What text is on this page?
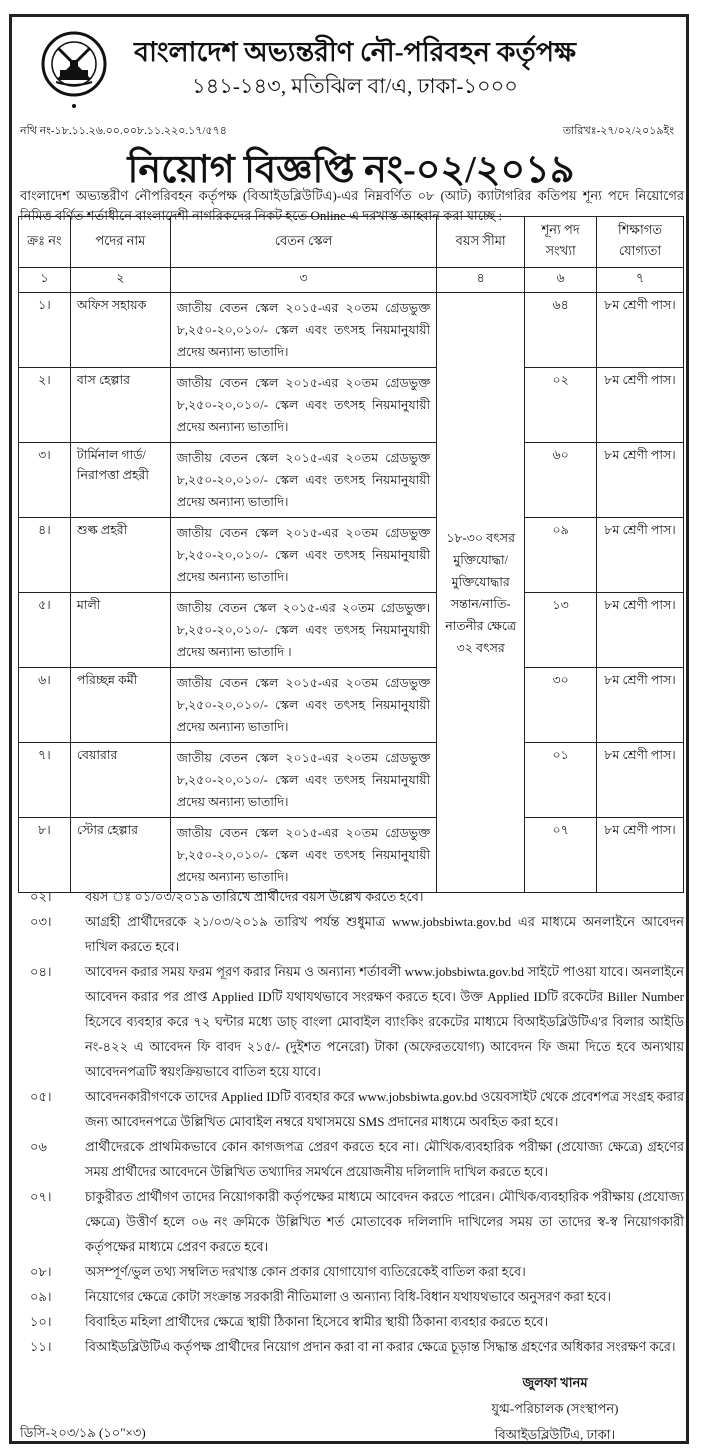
বাংলাদেশ অভ্যন্তরীণ নৌ-পরিবহন কর্তৃপক্ষ
১৪১-১৪৩, মতিঝিল বা/এ, ঢাকা-১০০০
নথি নং-১৮.১১.২৬.০০.০০৮.১১.২২০.১৭/৫৭৪	তারিখঃ-২৭/০২/২০১৯ইং
নিয়োগ বিজ্ঞপ্তি নং-০২/২০১৯
বাংলাদেশ অভ্যন্তরীণ নৌপরিবহন কর্তৃপক্ষ (বিআইডব্লিউটিএ)-এর নিম্নবর্ণিত ০৮ (আট) ক্যাটাগরির কতিপয় শূন্য পদে নিয়োগের নিমিত্ত বর্ণিত শর্তাধীনে বাংলাদেশী নাগরিকদের নিকট হতে Online এ দরখাস্ত আহ্বান করা যাচ্ছে :
ক্রঃ নং	পদের নাম	বেতন স্কেল	বয়স সীমা	শূন্য পদ সংখ্যা	শিক্ষাগত যোগ্যতা
১	২	৩	৪	৬	৭
১।	অফিস সহায়ক	জাতীয় বেতন স্কেল ২০১৫-এর ২০তম গ্রেডভুক্ত ৮,২৫০-২০,০১০/- স্কেল এবং তৎসহ নিয়মানুযায়ী প্রদেয় অন্যান্য ভাতাদি।	১৮-৩০ বৎসর মুক্তিযোদ্ধা/ মুক্তিযোদ্ধার সন্তান/নাতি-নাতনীর ক্ষেত্রে ৩২ বৎসর	৬৪	৮ম শ্রেণী পাস।
২।	বাস হেল্পার	জাতীয় বেতন স্কেল ২০১৫-এর ২০তম গ্রেডভুক্ত ৮,২৫০-২০,০১০/- স্কেল এবং তৎসহ নিয়মানুযায়ী প্রদেয় অন্যান্য ভাতাদি।		০২	৮ম শ্রেণী পাস।
৩।	টার্মিনাল গার্ড/নিরাপত্তা প্রহরী	জাতীয় বেতন স্কেল ২০১৫-এর ২০তম গ্রেডভুক্ত ৮,২৫০-২০,০১০/- স্কেল এবং তৎসহ নিয়মানুযায়ী প্রদেয় অন্যান্য ভাতাদি।		৬০	৮ম শ্রেণী পাস।
৪।	শুল্ক প্রহরী	জাতীয় বেতন স্কেল ২০১৫-এর ২০তম গ্রেডভুক্ত ৮,২৫০-২০,০১০/- স্কেল এবং তৎসহ নিয়মানুযায়ী প্রদেয় অন্যান্য ভাতাদি।		০৯	৮ম শ্রেণী পাস।
৫।	মালী	জাতীয় বেতন স্কেল ২০১৫-এর ২০তম গ্রেডভুক্ত। ৮,২৫০-২০,০১০/- স্কেল এবং তৎসহ নিয়মানুযায়ী প্রদেয় অন্যান্য ভাতাদি ।		১৩	৮ম শ্রেণী পাস।
৬।	পরিচ্ছন্ন কর্মী	জাতীয় বেতন স্কেল ২০১৫-এর ২০তম গ্রেডভুক্ত ৮,২৫০-২০,০১০/- স্কেল এবং তৎসহ নিয়মানুযায়ী প্রদেয় অন্যান্য ভাতাদি।		৩০	৮ম শ্রেণী পাস।
৭।	বেয়ারার	জাতীয় বেতন স্কেল ২০১৫-এর ২০তম গ্রেডভুক্ত ৮,২৫০-২০,০১০/- স্কেল এবং তৎসহ নিয়মানুযায়ী প্রদেয় অন্যান্য ভাতাদি।		০১	৮ম শ্রেণী পাস।
৮।	স্টোর হেল্পার	জাতীয় বেতন স্কেল ২০১৫-এর ২০তম গ্রেডভুক্ত ৮,২৫০-২০,০১০/- স্কেল এবং তৎসহ নিয়মানুযায়ী প্রদেয় অন্যান্য ভাতাদি।		০৭	৮ম শ্রেণী পাস।
০২।	বয়স ঃ ০১/০৩/২০১৯ তারিখে প্রার্থীদের বয়স উল্লেখ করতে হবে।
০৩।	আগ্রহী প্রার্থীদেরকে ২১/০৩/২০১৯ তারিখ পর্যন্ত শুধুমাত্র www.jobsbiwta.gov.bd এর মাধ্যমে অনলাইনে আবেদন দাখিল করতে হবে।
০৪।	আবেদন করার সময় ফরম পূরণ করার নিয়ম ও অন্যান্য শর্তাবলী www.jobsbiwta.gov.bd সাইটে পাওয়া যাবে। অনলাইনে আবেদন করার পর প্রাপ্ত Applied IDটি যথাযথভাবে সংরক্ষণ করতে হবে। উক্ত Applied IDটি রকেটের Biller Number হিসেবে ব্যবহার করে ৭২ ঘন্টার মধ্যে ডাচ্ বাংলা মোবাইল ব্যাংকিং রকেটের মাধ্যমে বিআইডব্লিউটিএ'র বিলার আইডি নং-৪২২ এ আবেদন ফি বাবদ ২১৫/- (দুইশত পনেরো) টাকা (অফেরতযোগ্য) আবেদন ফি জমা দিতে হবে অন্যথায় আবেদনপত্রটি স্বয়ংক্রিয়ভাবে বাতিল হয়ে যাবে।
০৫।	আবেদনকারীগণকে তাদের Applied IDটি ব্যবহার করে www.jobsbiwta.gov.bd ওয়েবসাইট থেকে প্রবেশপত্র সংগ্রহ করার জন্য আবেদনপত্রে উল্লিখিত মোবাইল নম্বরে যথাসময়ে SMS প্রদানের মাধ্যমে অবহিত করা হবে।
০৬	প্রার্থীদেরকে প্রাথমিকভাবে কোন কাগজপত্র প্রেরণ করতে হবে না। মৌখিক/ব্যবহারিক পরীক্ষা (প্রযোজ্য ক্ষেত্রে) গ্রহণের সময় প্রার্থীদের আবেদনে উল্লিখিত তথ্যাদির সমর্থনে প্রয়োজনীয় দলিলাদি দাখিল করতে হবে।
০৭।	চাকুরীরত প্রার্থীগণ তাদের নিয়োগকারী কর্তৃপক্ষের মাধ্যমে আবেদন করতে পারেন। মৌখিক/ব্যবহারিক পরীক্ষায় (প্রযোজ্য ক্ষেত্রে) উত্তীর্ণ হলে ০৬ নং ক্রমিকে উল্লিখিত শর্ত মোতাবেক দলিলাদি দাখিলের সময় তা তাদের স্ব-স্ব নিয়োগকারী কর্তৃপক্ষের মাধ্যমে প্রেরণ করতে হবে।
০৮।	অসম্পূর্ণ/ভুল তথ্য সম্বলিত দরখাস্ত কোন প্রকার যোগাযোগ ব্যতিরেকেই বাতিল করা হবে।
০৯।	নিয়োগের ক্ষেত্রে কোটা সংক্রান্ত সরকারী নীতিমালা ও অন্যান্য বিধি-বিধান যথাযথভাবে অনুসরণ করা হবে।
১০।	বিবাহিত মহিলা প্রার্থীদের ক্ষেত্রে স্থায়ী ঠিকানা হিসেবে স্বামীর স্থায়ী ঠিকানা ব্যবহার করতে হবে।
১১।	বিআইডব্লিউটিএ কর্তৃপক্ষ প্রার্থীদের নিয়োগ প্রদান করা বা না করার ক্ষেত্রে চূড়ান্ত সিদ্ধান্ত গ্রহণের অধিকার সংরক্ষণ করে।
জুলফা খানম
যুগ্ম-পরিচালক (সংস্থাপন)
বিআইডব্লিউটিএ, ঢাকা।
ডিসি-২০৩/১৯ (১০"×৩)
